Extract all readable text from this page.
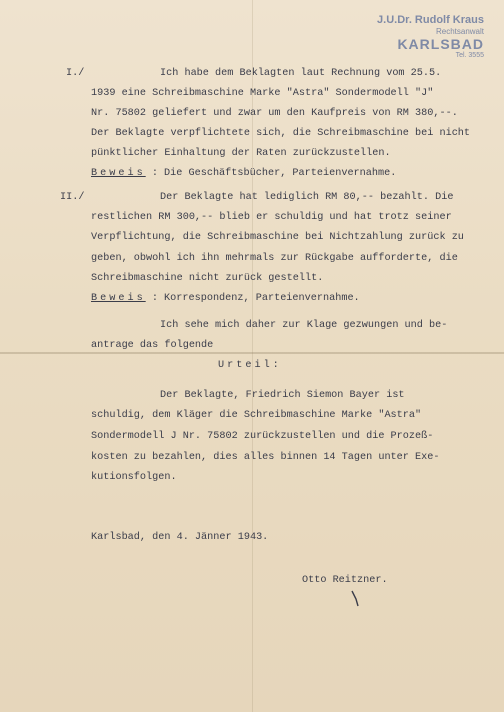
J.U.Dr. Rudolf Kraus
Rechtsanwalt
KARLSBAD
Tel. 3555
I./	Ich habe dem Beklagten laut Rechnung vom 25.5.
1939 eine Schreibmaschine Marke "Astra" Sondermodell "J"
Nr. 75802 geliefert und zwar um den Kaufpreis von RM 380,--.
Der Beklagte verpflichtete sich, die Schreibmaschine bei nicht
pünktlicher Einhaltung der Raten zurückzustellen.
Beweis : Die Geschäftsbücher, Parteienvernahme.
II./	Der Beklagte hat lediglich RM 80,-- bezahlt. Die
restlichen RM 300,-- blieb er schuldig und hat trotz seiner
Verpflichtung, die Schreibmaschine bei Nichtzahlung zurück zu
geben, obwohl ich ihn mehrmals zur Rückgabe aufforderte, die
Schreibmaschine nicht zurück gestellt.
Beweis : Korrespondenz, Parteienvernahme.
Ich sehe mich daher zur Klage gezwungen und be-
antrage das folgende
Urteil:
Der Beklagte, Friedrich Siemon Bayer ist
schuldig, dem Kläger die Schreibmaschine Marke "Astra"
Sondermodell J Nr. 75802 zurückzustellen und die Prozeß-
kosten zu bezahlen, dies alles binnen 14 Tagen unter Exe-
kutionsfolgen.
Karlsbad, den 4. Jänner 1943.
Otto Reitzner.
